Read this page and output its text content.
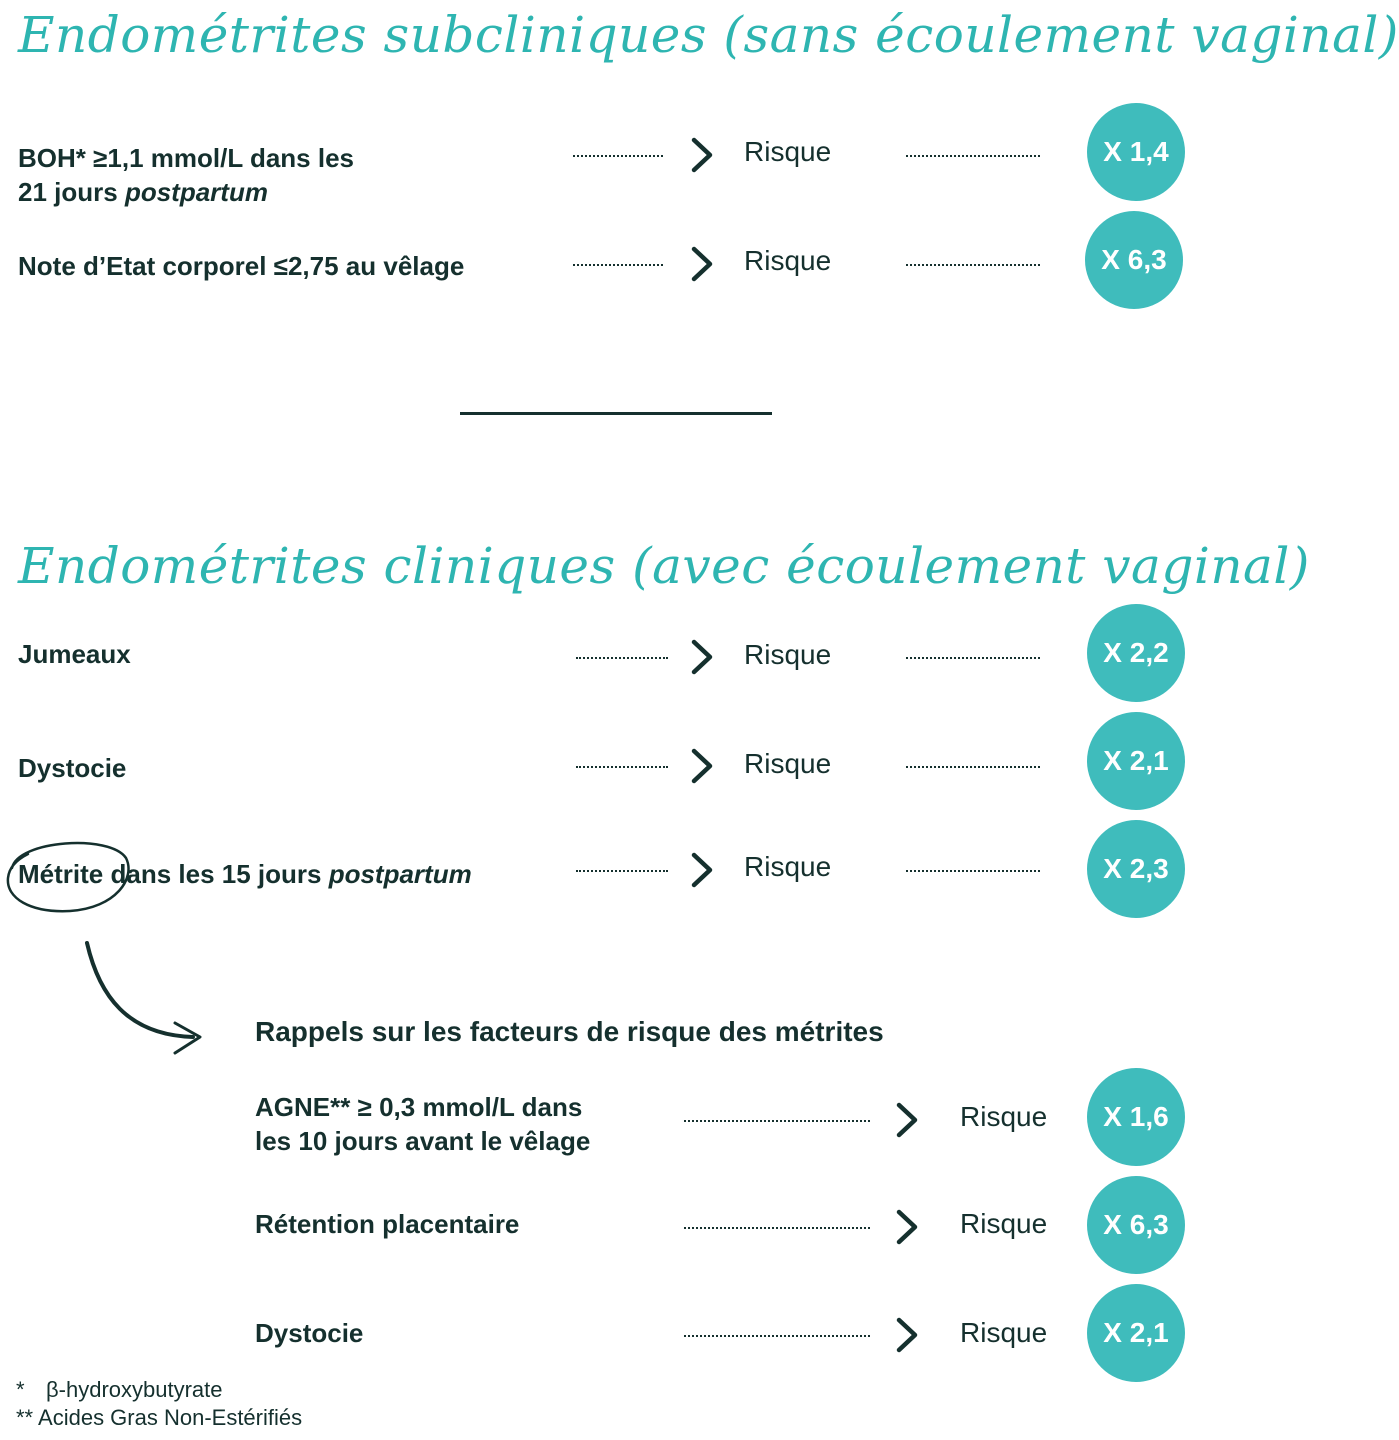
Endométrites subcliniques (sans écoulement vaginal)
BOH* ≥1,1 mmol/L dans les
21 jours postpartum
Risque	X 1,4
Note d’Etat corporel ≤2,75 au vêlage	Risque	X 6,3
Endométrites cliniques (avec écoulement vaginal)
Jumeaux	Risque	X 2,2
Dystocie	Risque	X 2,1
Métrite dans les 15 jours postpartum	Risque	X 2,3
Rappels sur les facteurs de risque des métrites
AGNE** ≥ 0,3 mmol/L dans
les 10 jours avant le vêlage
Risque	X 1,6
Rétention placentaire	Risque	X 6,3
Dystocie	Risque	X 2,1
* β-hydroxybutyrate
** Acides Gras Non-Estérifiés
